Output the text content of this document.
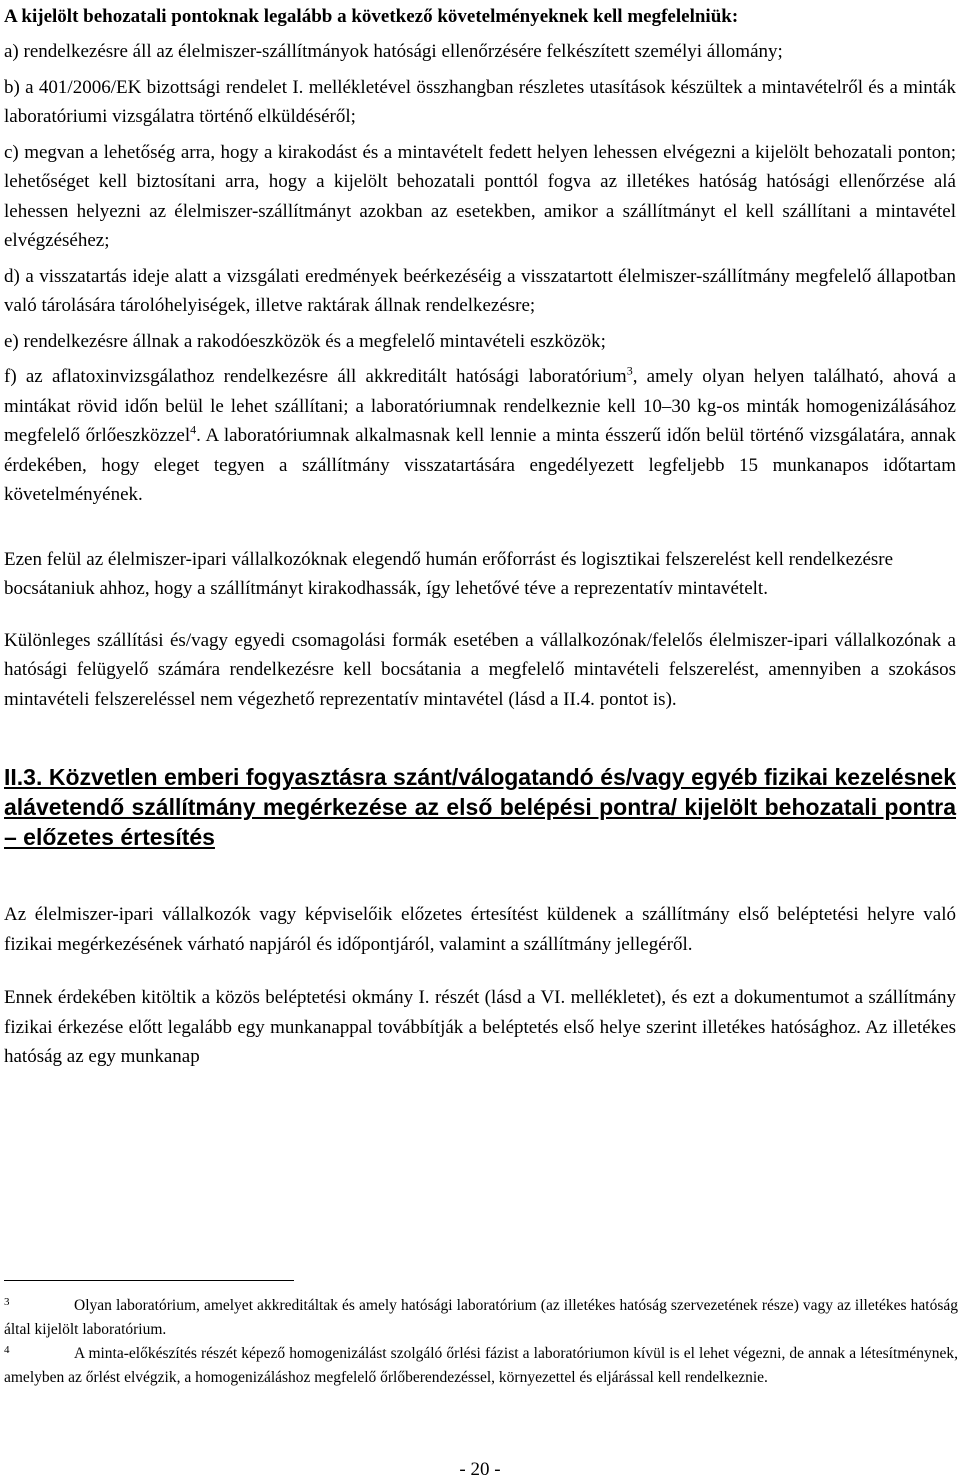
A kijelölt behozatali pontoknak legalább a következő követelményeknek kell megfelelniük:

a) rendelkezésre áll az élelmiszer-szállítmányok hatósági ellenőrzésére felkészített személyi állomány;

b) a 401/2006/EK bizottsági rendelet I. mellékletével összhangban részletes utasítások készültek a mintavételről és a minták laboratóriumi vizsgálatra történő elküldéséről;

c) megvan a lehetőség arra, hogy a kirakodást és a mintavételt fedett helyen lehessen elvégezni a kijelölt behozatali ponton; lehetőséget kell biztosítani arra, hogy a kijelölt behozatali ponttól fogva az illetékes hatóság hatósági ellenőrzése alá lehessen helyezni az élelmiszer-szállítmányt azokban az esetekben, amikor a szállítmányt el kell szállítani a mintavétel elvégzéséhez;

d) a visszatartás ideje alatt a vizsgálati eredmények beérkezéséig a visszatartott élelmiszer-szállítmány megfelelő állapotban való tárolására tárolóhelyiségek, illetve raktárak állnak rendelkezésre;

e) rendelkezésre állnak a rakodóeszközök és a megfelelő mintavételi eszközök;

f) az aflatoxinvizsgálathoz rendelkezésre áll akkreditált hatósági laboratórium$^3$, amely olyan helyen található, ahová a mintákat rövid időn belül le lehet szállítani; a laboratóriumnak rendelkeznie kell 10–30 kg-os minták homogenizálásához megfelelő őrlőeszközzel$^4$. A laboratóriumnak alkalmasnak kell lennie a minta ésszerű időn belül történő vizsgálatára, annak érdekében, hogy eleget tegyen a szállítmány visszatartására engedélyezett legfeljebb 15 munkanapos időtartam követelményének.

Ezen felül az élelmiszer-ipari vállalkozóknak elegendő humán erőforrást és logisztikai felszerelést kell rendelkezésre bocsátaniuk ahhoz, hogy a szállítmányt kirakodhassák, így lehetővé téve a reprezentatív mintavételt.

Különleges szállítási és/vagy egyedi csomagolási formák esetében a vállalkozónak/felelős élelmiszer-ipari vállalkozónak a hatósági felügyelő számára rendelkezésre kell bocsátania a megfelelő mintavételi felszerelést, amennyiben a szokásos mintavételi felszereléssel nem végezhető reprezentatív mintavétel (lásd a II.4. pontot is).

II.3. Közvetlen emberi fogyasztásra szánt/válogatandó és/vagy egyéb fizikai kezelésnek alávetendő szállítmány megérkezése az első belépési pontra/ kijelölt behozatali pontra – előzetes értesítés

Az élelmiszer-ipari vállalkozók vagy képviselőik előzetes értesítést küldenek a szállítmány első beléptetési helyre való fizikai megérkezésének várható napjáról és időpontjáról, valamint a szállítmány jellegéről.

Ennek érdekében kitöltik a közös beléptetési okmány I. részét (lásd a VI. mellékletet), és ezt a dokumentumot a szállítmány fizikai érkezése előtt legalább egy munkanappal továbbítják a beléptetés első helye szerint illetékes hatósághoz. Az illetékes hatóság az egy munkanap

3	Olyan laboratórium, amelyet akkreditáltak és amely hatósági laboratórium (az illetékes hatóság szervezetének része) vagy az illetékes hatóság által kijelölt laboratórium.

4	A minta-előkészítés részét képező homogenizálást szolgáló őrlési fázist a laboratóriumon kívül is el lehet végezni, de annak a létesítménynek, amelyben az őrlést elvégzik, a homogenizáláshoz megfelelő őrlőberendezéssel, környezettel és eljárással kell rendelkeznie.

- 20 -
